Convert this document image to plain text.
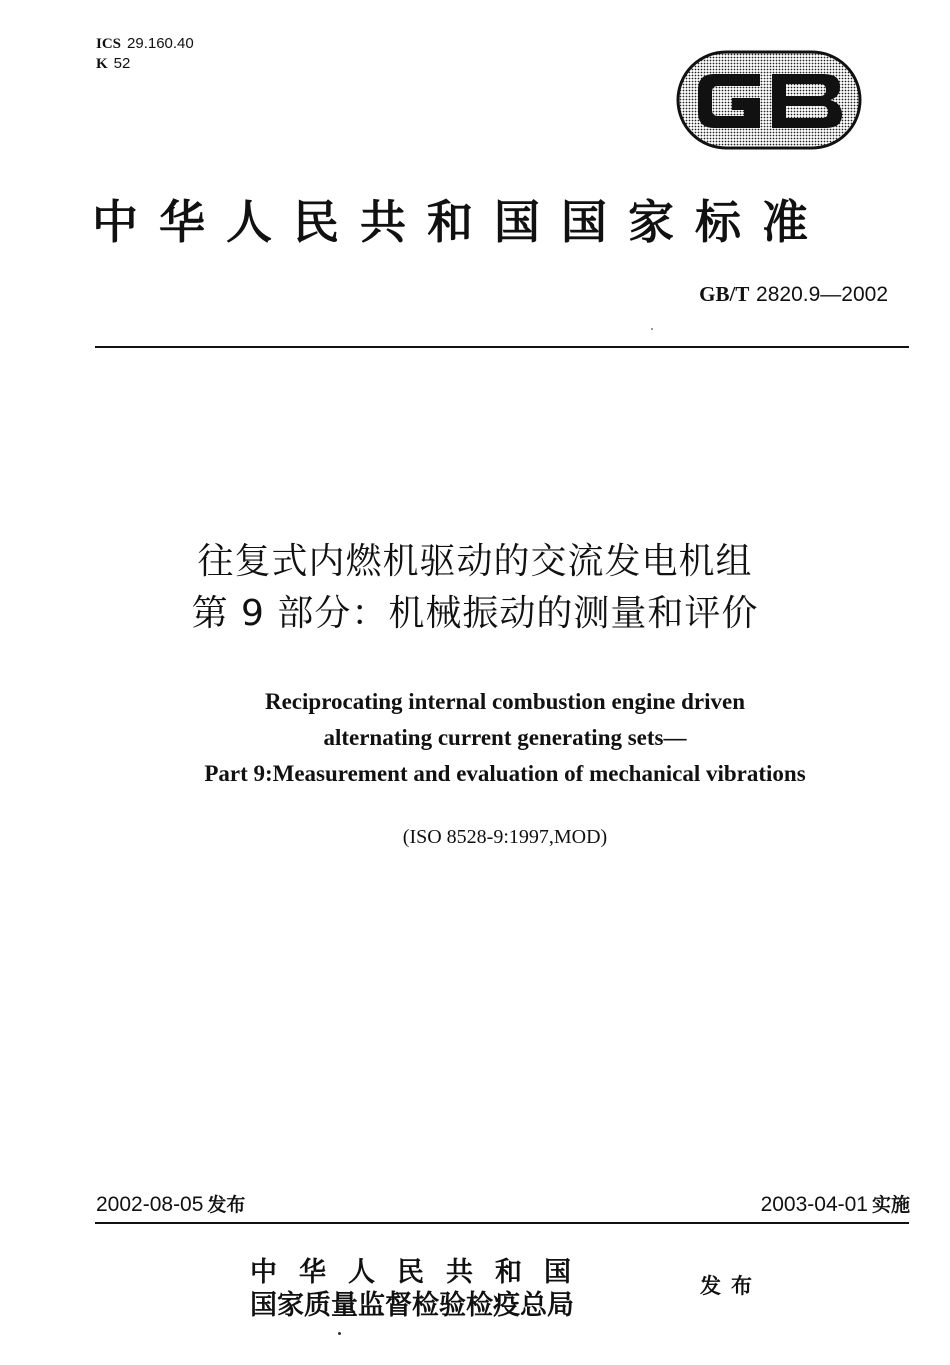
ICS 29.160.40
K 52
中华人民共和国国家标准
GB/T 2820.9—2002
往复式内燃机驱动的交流发电机组
第 9 部分：机械振动的测量和评价
Reciprocating internal combustion engine driven
alternating current generating sets—
Part 9:Measurement and evaluation of mechanical vibrations
(ISO 8528-9:1997,MOD)
2002-08-05 发布	2003-04-01 实施
中华人民共和国
国家质量监督检验检疫总局
发布
